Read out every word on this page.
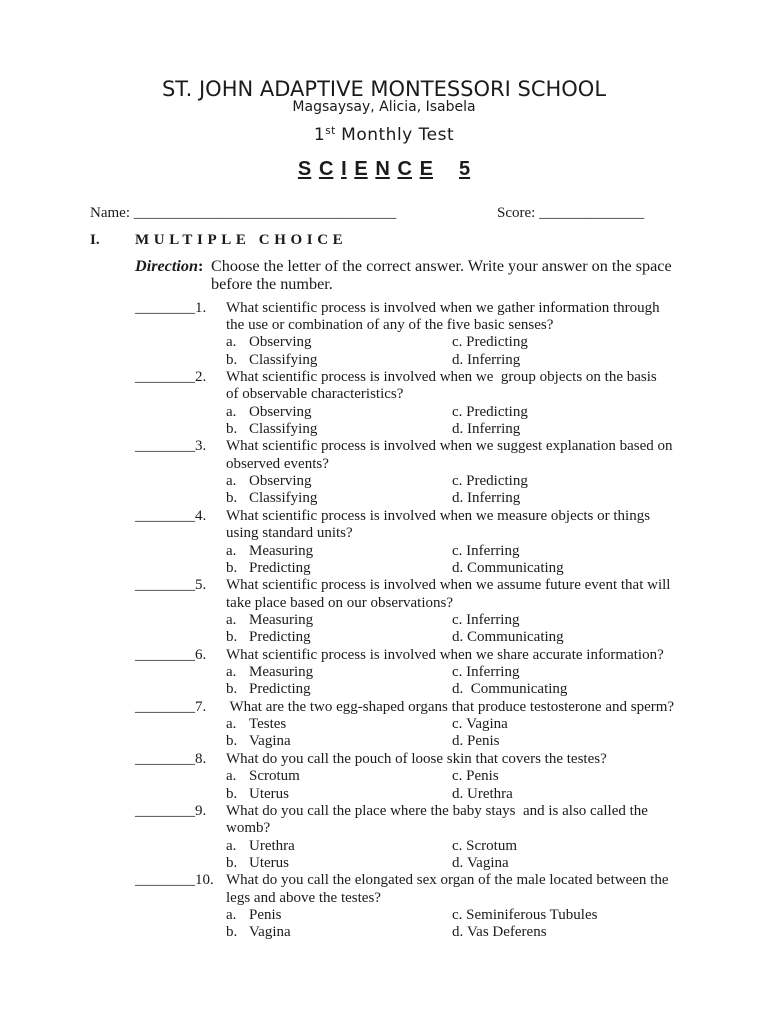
ST. JOHN ADAPTIVE MONTESSORI SCHOOL
Magsaysay, Alicia, Isabela
1st Monthly Test
S C I E N C E 5
Name: ___________________________________	Score: ______________
I. MULTIPLE CHOICE
Direction: Choose the letter of the correct answer. Write your answer on the space
before the number.
________1.	What scientific process is involved when we gather information through
the use or combination of any of the five basic senses?
a. Observing	c. Predicting
b. Classifying	d. Inferring
________2.	What scientific process is involved when we  group objects on the basis
of observable characteristics?
a. Observing	c. Predicting
b. Classifying	d. Inferring
________3.	What scientific process is involved when we suggest explanation based on
observed events?
a. Observing	c. Predicting
b. Classifying	d. Inferring
________4.	What scientific process is involved when we measure objects or things
using standard units?
a. Measuring	c. Inferring
b. Predicting	d. Communicating
________5.	What scientific process is involved when we assume future event that will
take place based on our observations?
a. Measuring	c. Inferring
b. Predicting	d. Communicating
________6.	What scientific process is involved when we share accurate information?
a. Measuring	c. Inferring
b. Predicting	d. Communicating
________7.	What are the two egg-shaped organs that produce testosterone and sperm?
a. Testes	c. Vagina
b. Vagina	d. Penis
________8.	What do you call the pouch of loose skin that covers the testes?
a. Scrotum	c. Penis
b. Uterus	d. Urethra
________9.	What do you call the place where the baby stays  and is also called the
womb?
a. Urethra	c. Scrotum
b. Uterus	d. Vagina
________10. What do you call the elongated sex organ of the male located between the
legs and above the testes?
a. Penis	c. Seminiferous Tubules
b. Vagina	d. Vas Deferens
